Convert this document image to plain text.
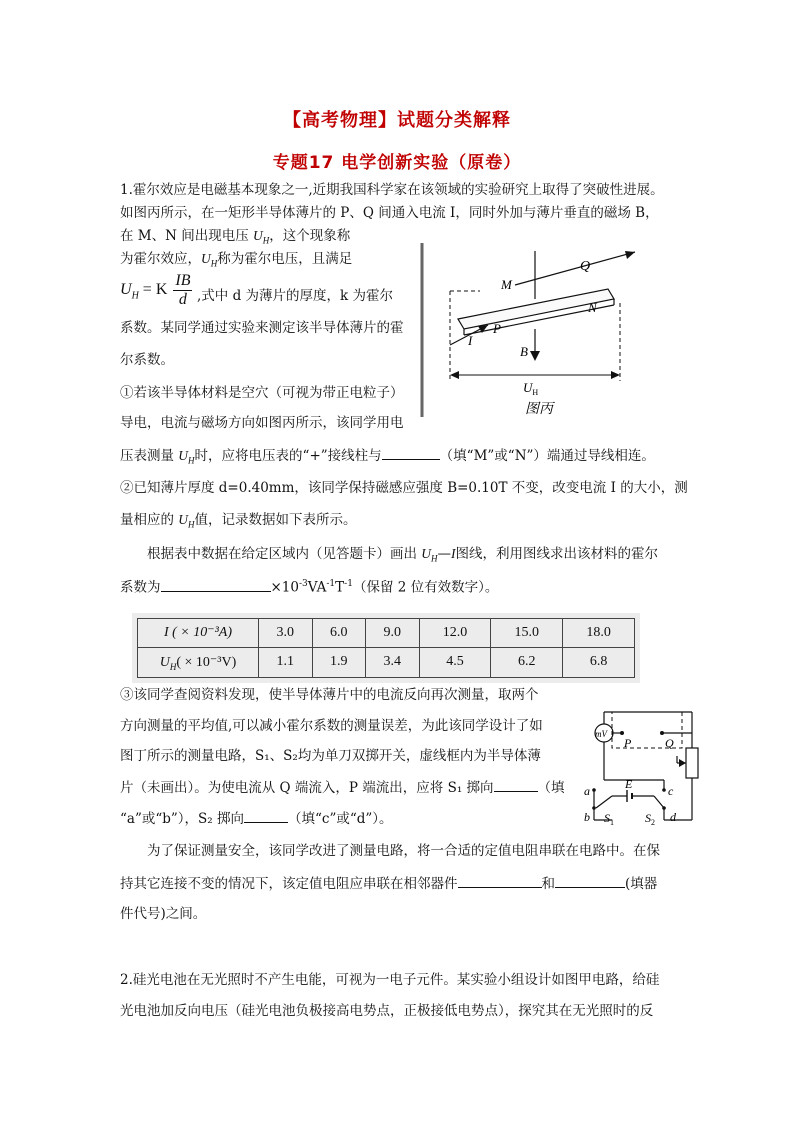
【高考物理】试题分类解释
专题17 电学创新实验（原卷）
1.霍尔效应是电磁基本现象之一,近期我国科学家在该领域的实验研究上取得了突破性进展。
如图丙所示，在一矩形半导体薄片的 P、Q 间通入电流 I，同时外加与薄片垂直的磁场 B，
在 M、N 间出现电压 $U_H$，这个现象称
为霍尔效应，$U_H$称为霍尔电压，且满足
$U_H = K \frac{IB}{d}$ ,式中 d 为薄片的厚度，k 为霍尔
系数。某同学通过实验来测定该半导体薄片的霍
尔系数。
Q
M
N
P
I
B
$U_H$
图丙
①若该半导体材料是空穴（可视为带正电粒子）
导电，电流与磁场方向如图丙所示，该同学用电
压表测量 $U_H$时，应将电压表的“+”接线柱与	（填“M”或“N”）端通过导线相连。
②已知薄片厚度 d=0.40mm，该同学保持磁感应强度 B=0.10T 不变，改变电流 I 的大小，测
量相应的 $U_H$值，记录数据如下表所示。
根据表中数据在给定区域内（见答题卡）画出 $U_H—I$图线，利用图线求出该材料的霍尔
系数为	$\times 10^{-3}VA^{-1}T^{-1}$（保留 2 位有效数字）。
I ( × 10⁻³A)	3.0	6.0	9.0	12.0	15.0	18.0
$U_H( \times 10^{-3}V)$	1.1	1.9	3.4	4.5	6.2	6.8
③该同学查阅资料发现，使半导体薄片中的电流反向再次测量，取两个
方向测量的平均值,可以减小霍尔系数的测量误差，为此该同学设计了如
图丁所示的测量电路，S₁、S₂均为单刀双掷开关，虚线框内为半导体薄
片（未画出）。为使电流从 Q 端流入，P 端流出，应将 S₁ 掷向	（填
“a”或“b”），S₂ 掷向	（填“c”或“d”）。
mV
P	Q
a
b
c
d
E
$S_1$	$S_2$
为了保证测量安全，该同学改进了测量电路，将一合适的定值电阻串联在电路中。在保
持其它连接不变的情况下，该定值电阻应串联在相邻器件	和	(填器
件代号)之间。
2.硅光电池在无光照时不产生电能，可视为一电子元件。某实验小组设计如图甲电路，给硅
光电池加反向电压（硅光电池负极接高电势点，正极接低电势点），探究其在无光照时的反
